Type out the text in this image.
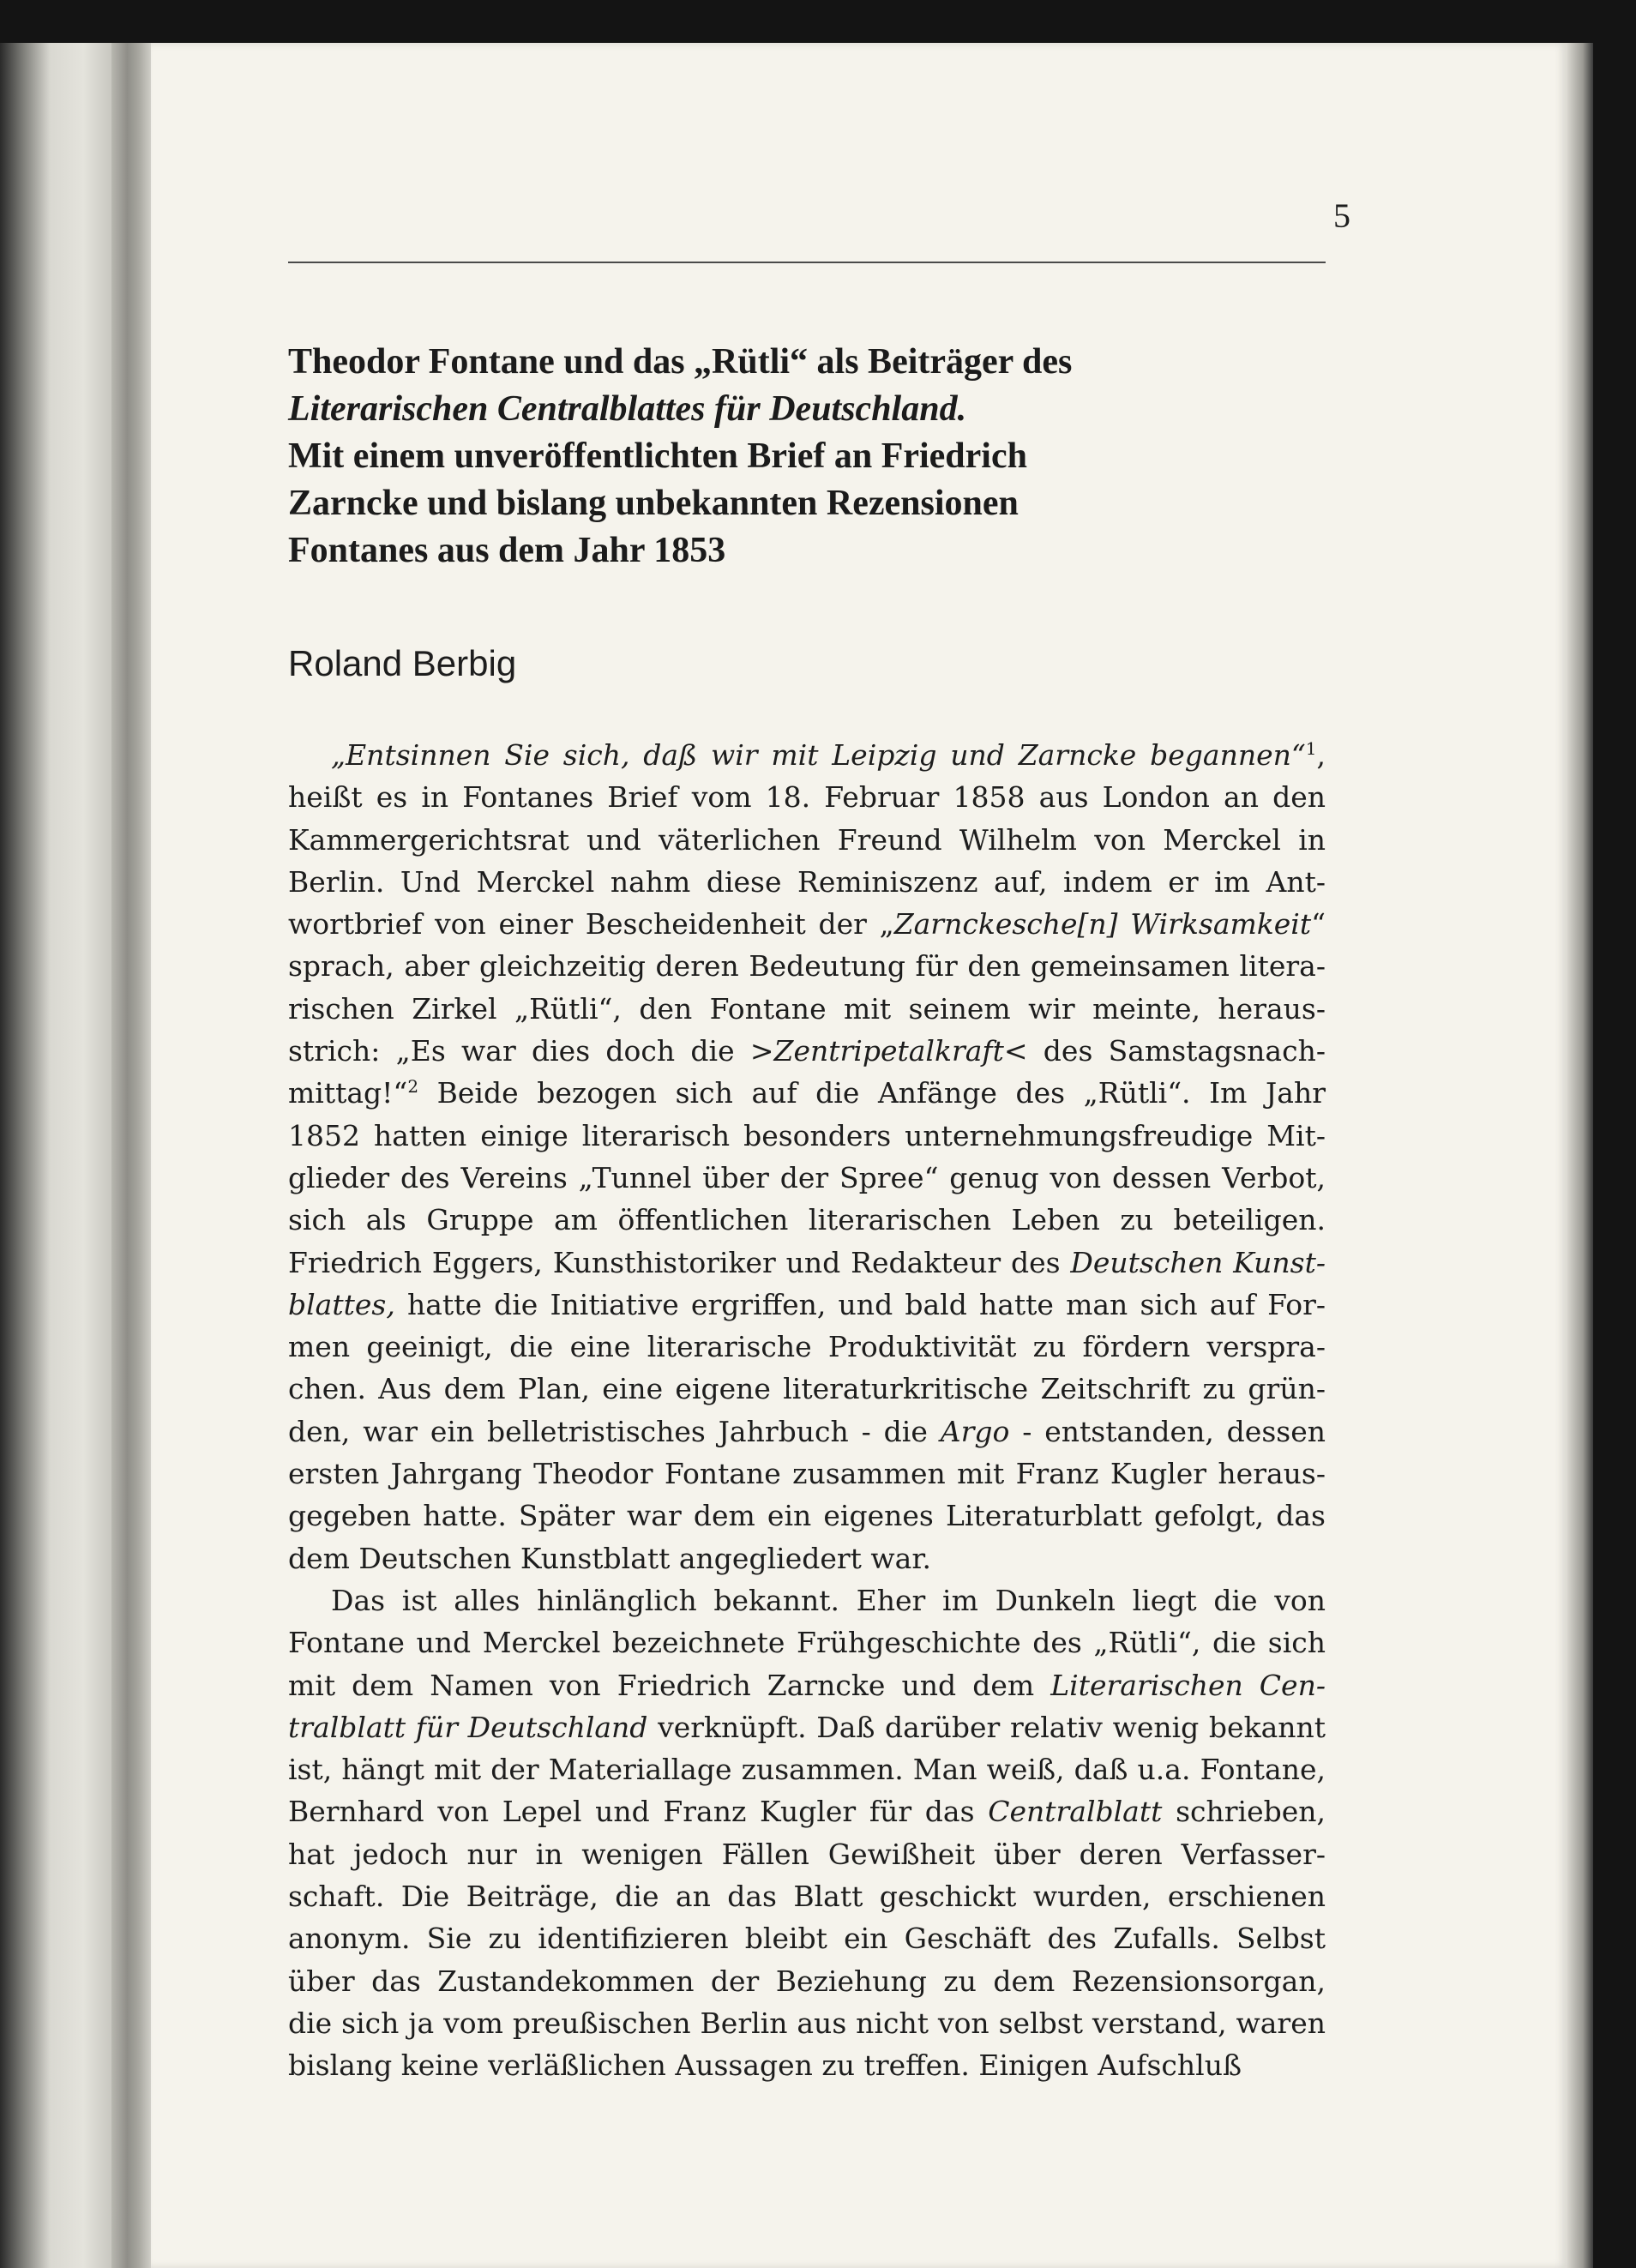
5
Theodor Fontane und das „Rütli“ als Beiträger des
Literarischen Centralblattes für Deutschland.
Mit einem unveröffentlichten Brief an Friedrich
Zarncke und bislang unbekannten Rezensionen
Fontanes aus dem Jahr 1853
Roland Berbig
„Entsinnen Sie sich, daß wir mit Leipzig und Zarncke begannen“$^1$,
heißt es in Fontanes Brief vom 18. Februar 1858 aus London an den
Kammergerichtsrat und väterlichen Freund Wilhelm von Merckel in
Berlin. Und Merckel nahm diese Reminiszenz auf, indem er im Ant-
wortbrief von einer Bescheidenheit der „Zarnckesche[n] Wirksamkeit“
sprach, aber gleichzeitig deren Bedeutung für den gemeinsamen litera-
rischen Zirkel „Rütli“, den Fontane mit seinem wir meinte, heraus-
strich: „Es war dies doch die >Zentripetalkraft< des Samstagsnach-
mittag!“$^2$ Beide bezogen sich auf die Anfänge des „Rütli“. Im Jahr
1852 hatten einige literarisch besonders unternehmungsfreudige Mit-
glieder des Vereins „Tunnel über der Spree“ genug von dessen Verbot,
sich als Gruppe am öffentlichen literarischen Leben zu beteiligen.
Friedrich Eggers, Kunsthistoriker und Redakteur des Deutschen Kunst-
blattes, hatte die Initiative ergriffen, und bald hatte man sich auf For-
men geeinigt, die eine literarische Produktivität zu fördern verspra-
chen. Aus dem Plan, eine eigene literaturkritische Zeitschrift zu grün-
den, war ein belletristisches Jahrbuch - die Argo - entstanden, dessen
ersten Jahrgang Theodor Fontane zusammen mit Franz Kugler heraus-
gegeben hatte. Später war dem ein eigenes Literaturblatt gefolgt, das
dem Deutschen Kunstblatt angegliedert war.
Das ist alles hinlänglich bekannt. Eher im Dunkeln liegt die von
Fontane und Merckel bezeichnete Frühgeschichte des „Rütli“, die sich
mit dem Namen von Friedrich Zarncke und dem Literarischen Cen-
tralblatt für Deutschland verknüpft. Daß darüber relativ wenig bekannt
ist, hängt mit der Materiallage zusammen. Man weiß, daß u.a. Fontane,
Bernhard von Lepel und Franz Kugler für das Centralblatt schrieben,
hat jedoch nur in wenigen Fällen Gewißheit über deren Verfasser-
schaft. Die Beiträge, die an das Blatt geschickt wurden, erschienen
anonym. Sie zu identifizieren bleibt ein Geschäft des Zufalls. Selbst
über das Zustandekommen der Beziehung zu dem Rezensionsorgan,
die sich ja vom preußischen Berlin aus nicht von selbst verstand, waren
bislang keine verläßlichen Aussagen zu treffen. Einigen Aufschluß
